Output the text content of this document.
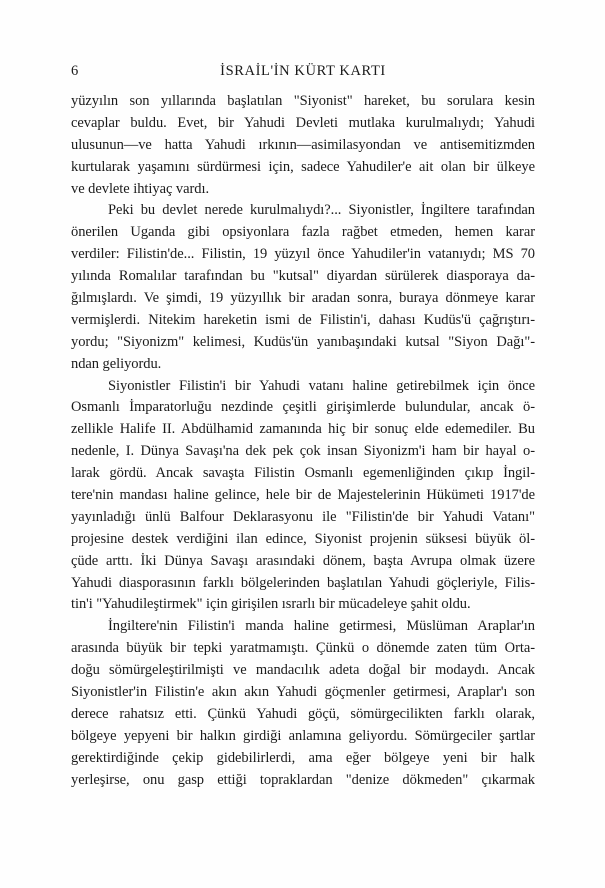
6	İSRAİL'İN KÜRT KARTI
yüzyılın son yıllarında başlatılan "Siyonist" hareket, bu sorulara kesin
cevaplar buldu. Evet, bir Yahudi Devleti mutlaka kurulmalıydı; Yahudi
ulusunun—ve hatta Yahudi ırkının—asimilasyondan ve antisemitizmden
kurtularak yaşamını sürdürmesi için, sadece Yahudiler'e ait olan bir ülkeye
ve devlete ihtiyaç vardı.
Peki bu devlet nerede kurulmalıydı?... Siyonistler, İngiltere tarafından
önerilen Uganda gibi opsiyonlara fazla rağbet etmeden, hemen karar
verdiler: Filistin'de... Filistin, 19 yüzyıl önce Yahudiler'in vatanıydı; MS 70
yılında Romalılar tarafından bu "kutsal" diyardan sürülerek diasporaya da-
ğılmışlardı. Ve şimdi, 19 yüzyıllık bir aradan sonra, buraya dönmeye karar
vermişlerdi. Nitekim hareketin ismi de Filistin'i, dahası Kudüs'ü çağrıştırı-
yordu; "Siyonizm" kelimesi, Kudüs'ün yanıbaşındaki kutsal "Siyon Dağı"-
ndan geliyordu.
Siyonistler Filistin'i bir Yahudi vatanı haline getirebilmek için önce
Osmanlı İmparatorluğu nezdinde çeşitli girişimlerde bulundular, ancak ö-
zellikle Halife II. Abdülhamid zamanında hiç bir sonuç elde edemediler. Bu
nedenle, I. Dünya Savaşı'na dek pek çok insan Siyonizm'i ham bir hayal o-
larak gördü. Ancak savaşta Filistin Osmanlı egemenliğinden çıkıp İngil-
tere'nin mandası haline gelince, hele bir de Majestelerinin Hükümeti 1917'de
yayınladığı ünlü Balfour Deklarasyonu ile "Filistin'de bir Yahudi Vatanı"
projesine destek verdiğini ilan edince, Siyonist projenin süksesi büyük öl-
çüde arttı. İki Dünya Savaşı arasındaki dönem, başta Avrupa olmak üzere
Yahudi diasporasının farklı bölgelerinden başlatılan Yahudi göçleriyle, Filis-
tin'i "Yahudileştirmek" için girişilen ısrarlı bir mücadeleye şahit oldu.
İngiltere'nin Filistin'i manda haline getirmesi, Müslüman Araplar'ın
arasında büyük bir tepki yaratmamıştı. Çünkü o dönemde zaten tüm Orta-
doğu sömürgeleştirilmişti ve mandacılık adeta doğal bir modaydı. Ancak
Siyonistler'in Filistin'e akın akın Yahudi göçmenler getirmesi, Araplar'ı son
derece rahatsız etti. Çünkü Yahudi göçü, sömürgecilikten farklı olarak,
bölgeye yepyeni bir halkın girdiği anlamına geliyordu. Sömürgeciler şartlar
gerektirdiğinde çekip gidebilirlerdi, ama eğer bölgeye yeni bir halk
yerleşirse, onu gasp ettiği topraklardan "denize dökmeden" çıkarmak
